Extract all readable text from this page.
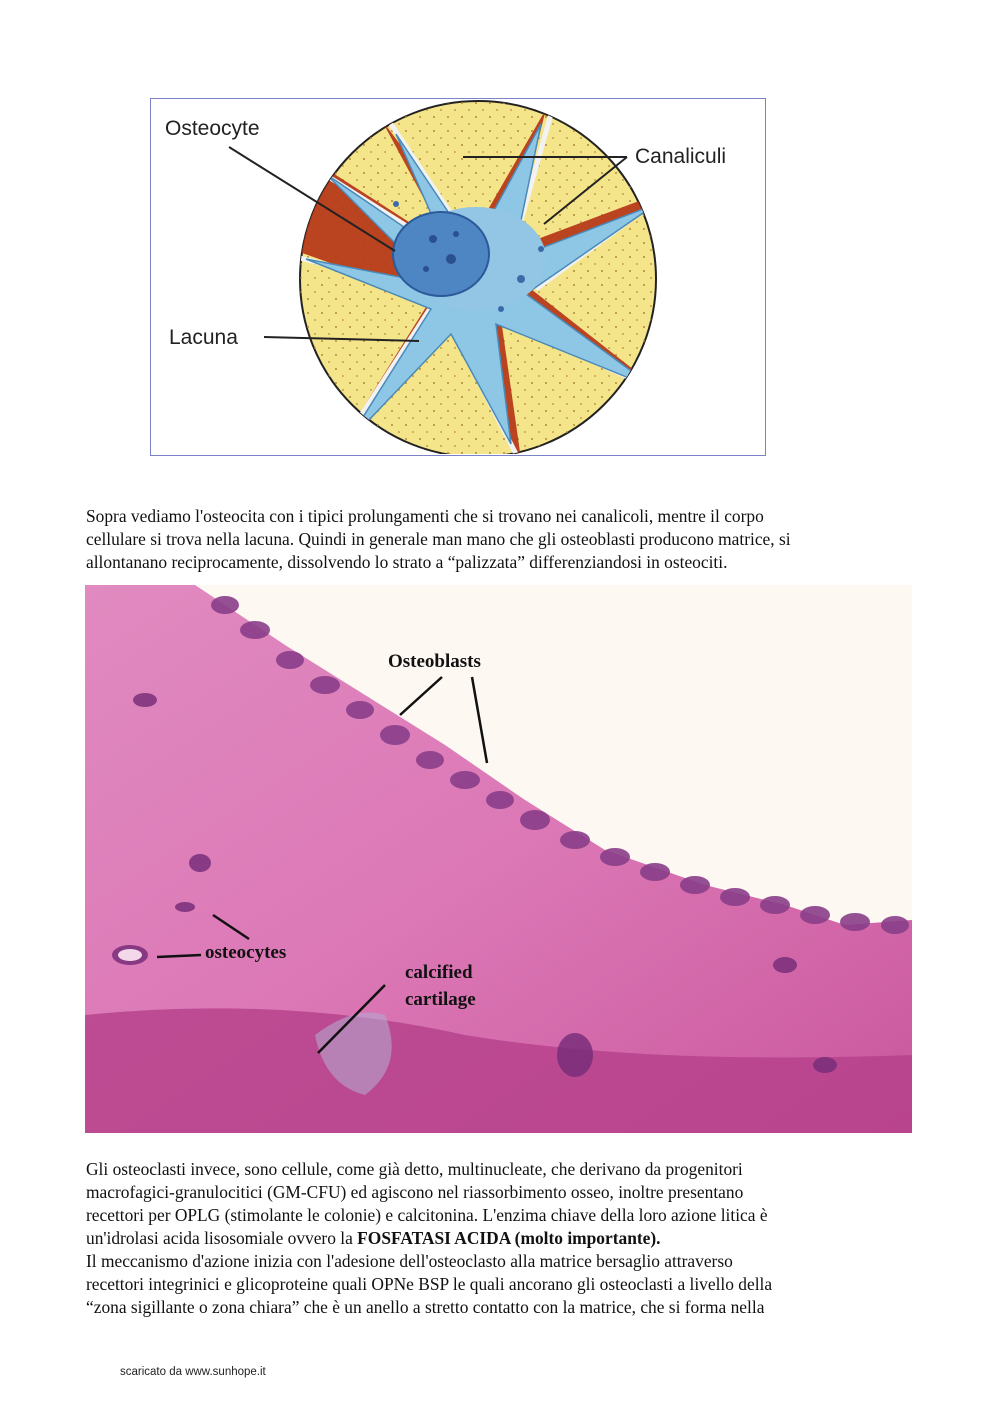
Osteocyte
Canaliculi
Lacuna

Sopra vediamo l'osteocita con i tipici prolungamenti che si trovano nei canalicoli, mentre il corpo
cellulare si trova nella lacuna. Quindi in generale man mano che gli osteoblasti producono matrice, si
allontanano reciprocamente, dissolvendo lo strato a “palizzata” differenziandosi in osteociti.

Osteoblasts
osteocytes
calcified
cartilage

Gli osteoclasti invece, sono cellule, come già detto, multinucleate, che derivano da progenitori
macrofagici-granulocitici (GM-CFU) ed agiscono nel riassorbimento osseo, inoltre presentano
recettori per OPLG (stimolante le colonie) e calcitonina. L'enzima chiave della loro azione litica è
un'idrolasi acida lisosomiale ovvero la FOSFATASI ACIDA (molto importante).
Il meccanismo d'azione inizia con l'adesione dell'osteoclasto alla matrice bersaglio attraverso
recettori integrinici e glicoproteine quali OPNe BSP le quali ancorano gli osteoclasti a livello della
“zona sigillante o zona chiara” che è un anello a stretto contatto con la matrice, che si forma nella

scaricato da www.sunhope.it
